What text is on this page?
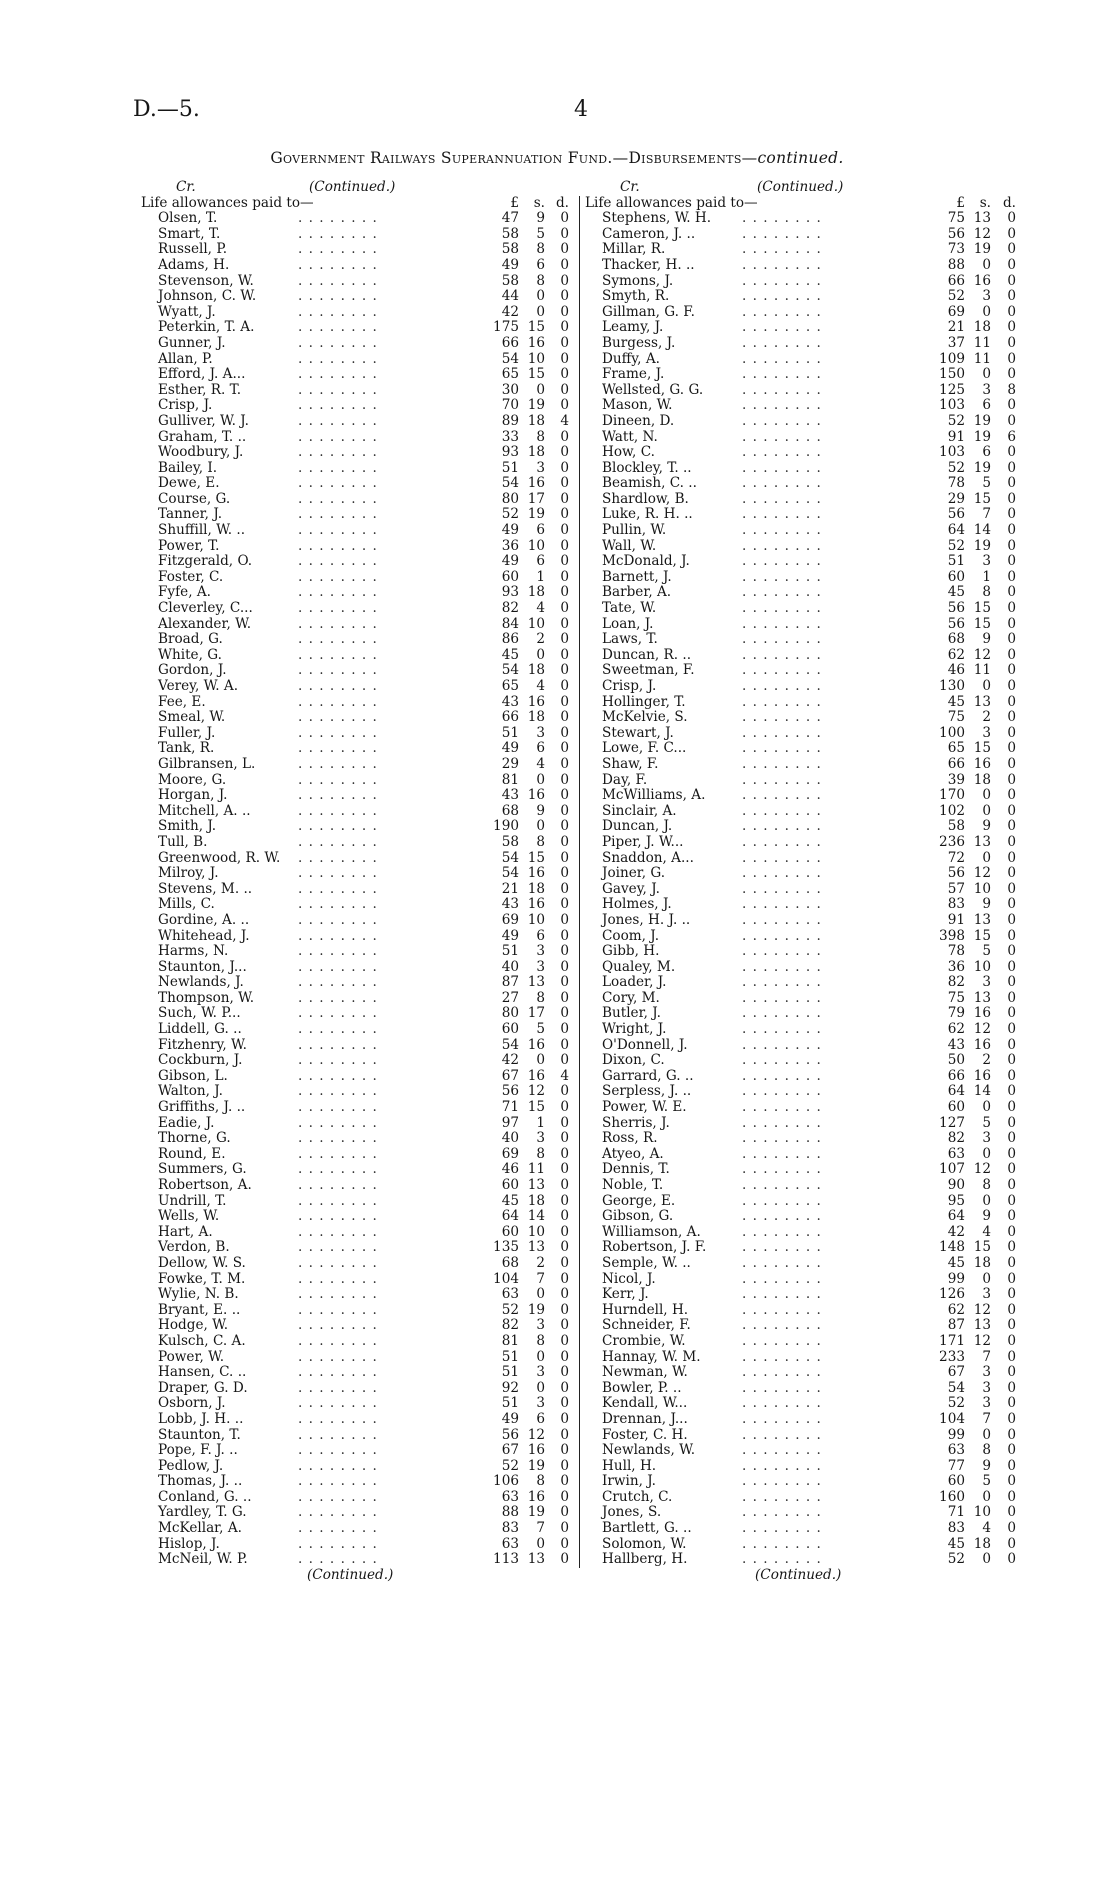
D.—5.	4
Government Railways Superannuation Fund.—Disbursements—continued.
Cr.	(Continued.)
Life allowances paid to—	£	s. d.
Olsen, T.	. . . . . . . .	47	9	0
Smart, T.	. . . . . . . .	58	5	0
Russell, P.	. . . . . . . .	58	8	0
Adams, H.	. . . . . . . .	49	6	0
Stevenson, W.	. . . . . . . .	58	8	0
Johnson, C. W.	. . . . . . . .	44	0	0
Wyatt, J.	. . . . . . . .	42	0	0
Peterkin, T. A.	. . . . . . . .	175 15	0
Gunner, J.	. . . . . . . .	66 16	0
Allan, P.	. . . . . . . .	54 10	0
Efford, J. A...	. . . . . . . .	65 15	0
Esther, R. T.	. . . . . . . .	30	0	0
Crisp, J.	. . . . . . . .	70 19	0
Gulliver, W. J.	. . . . . . . .	89 18	4
Graham, T. ..	. . . . . . . .	33	8	0
Woodbury, J.	. . . . . . . .	93 18	0
Bailey, I.	. . . . . . . .	51	3	0
Dewe, E.	. . . . . . . .	54 16	0
Course, G.	. . . . . . . .	80 17	0
Tanner, J.	. . . . . . . .	52 19	0
Shuffill, W. ..	. . . . . . . .	49	6	0
Power, T.	. . . . . . . .	36 10	0
Fitzgerald, O.	. . . . . . . .	49	6	0
Foster, C.	. . . . . . . .	60	1	0
Fyfe, A.	. . . . . . . .	93 18	0
Cleverley, C...	. . . . . . . .	82	4	0
Alexander, W.	. . . . . . . .	84 10	0
Broad, G.	. . . . . . . .	86	2	0
White, G.	. . . . . . . .	45	0	0
Gordon, J.	. . . . . . . .	54 18	0
Verey, W. A.	. . . . . . . .	65	4	0
Fee, E.	. . . . . . . .	43 16	0
Smeal, W.	. . . . . . . .	66 18	0
Fuller, J.	. . . . . . . .	51	3	0
Tank, R.	. . . . . . . .	49	6	0
Gilbransen, L.	. . . . . . . .	29	4	0
Moore, G.	. . . . . . . .	81	0	0
Horgan, J.	. . . . . . . .	43 16	0
Mitchell, A. ..	. . . . . . . .	68	9	0
Smith, J.	. . . . . . . .	190	0	0
Tull, B.	. . . . . . . .	58	8	0
Greenwood, R. W. . . . . . . . .	54 15	0
Milroy, J.	. . . . . . . .	54 16	0
Stevens, M. ..	. . . . . . . .	21 18	0
Mills, C.	. . . . . . . .	43 16	0
Gordine, A. ..	. . . . . . . .	69 10	0
Whitehead, J.	. . . . . . . .	49	6	0
Harms, N.	. . . . . . . .	51	3	0
Staunton, J...	. . . . . . . .	40	3	0
Newlands, J.	. . . . . . . .	87 13	0
Thompson, W.	. . . . . . . .	27	8	0
Such, W. P...	. . . . . . . .	80 17	0
Liddell, G. ..	. . . . . . . .	60	5	0
Fitzhenry, W.	. . . . . . . .	54 16	0
Cockburn, J.	. . . . . . . .	42	0	0
Gibson, L.	. . . . . . . .	67 16	4
Walton, J.	. . . . . . . .	56 12	0
Griffiths, J. ..	. . . . . . . .	71 15	0
Eadie, J.	. . . . . . . .	97	1	0
Thorne, G.	. . . . . . . .	40	3	0
Round, E.	. . . . . . . .	69	8	0
Summers, G.	. . . . . . . .	46 11	0
Robertson, A.	. . . . . . . .	60 13	0
Undrill, T.	. . . . . . . .	45 18	0
Wells, W.	. . . . . . . .	64 14	0
Hart, A.	. . . . . . . .	60 10	0
Verdon, B.	. . . . . . . .	135 13	0
Dellow, W. S.	. . . . . . . .	68	2	0
Fowke, T. M.	. . . . . . . .	104	7	0
Wylie, N. B.	. . . . . . . .	63	0	0
Bryant, E. ..	. . . . . . . .	52 19	0
Hodge, W.	. . . . . . . .	82	3	0
Kulsch, C. A.	. . . . . . . .	81	8	0
Power, W.	. . . . . . . .	51	0	0
Hansen, C. ..	. . . . . . . .	51	3	0
Draper, G. D.	. . . . . . . .	92	0	0
Osborn, J.	. . . . . . . .	51	3	0
Lobb, J. H. ..	. . . . . . . .	49	6	0
Staunton, T.	. . . . . . . .	56 12	0
Pope, F. J. ..	. . . . . . . .	67 16	0
Pedlow, J.	. . . . . . . .	52 19	0
Thomas, J. ..	. . . . . . . .	106	8	0
Conland, G. ..	. . . . . . . .	63 16	0
Yardley, T. G.	. . . . . . . .	88 19	0
McKellar, A.	. . . . . . . .	83	7	0
Hislop, J.	. . . . . . . .	63	0	0
McNeil, W. P.	. . . . . . . .	113 13	0
(Continued.)
Cr.	(Continued.)
Life allowances paid to—	£	s. d.
Stephens, W. H. . . . . . . . .	75 13	0
Cameron, J. ..	. . . . . . . .	56 12	0
Millar, R.	. . . . . . . .	73 19	0
Thacker, H. ..	. . . . . . . .	88	0	0
Symons, J.	. . . . . . . .	66 16	0
Smyth, R.	. . . . . . . .	52	3	0
Gillman, G. F.	. . . . . . . .	69	0	0
Leamy, J.	. . . . . . . .	21 18	0
Burgess, J.	. . . . . . . .	37 11	0
Duffy, A.	. . . . . . . .	109 11	0
Frame, J.	. . . . . . . .	150	0	0
Wellsted, G. G.	. . . . . . . .	125	3	8
Mason, W.	. . . . . . . .	103	6	0
Dineen, D.	. . . . . . . .	52 19	0
Watt, N.	. . . . . . . .	91 19	6
How, C.	. . . . . . . .	103	6	0
Blockley, T. ..	. . . . . . . .	52 19	0
Beamish, C. ..	. . . . . . . .	78	5	0
Shardlow, B.	. . . . . . . .	29 15	0
Luke, R. H. ..	. . . . . . . .	56	7	0
Pullin, W.	. . . . . . . .	64 14	0
Wall, W.	. . . . . . . .	52 19	0
McDonald, J.	. . . . . . . .	51	3	0
Barnett, J.	. . . . . . . .	60	1	0
Barber, A.	. . . . . . . .	45	8	0
Tate, W.	. . . . . . . .	56 15	0
Loan, J.	. . . . . . . .	56 15	0
Laws, T.	. . . . . . . .	68	9	0
Duncan, R. ..	. . . . . . . .	62 12	0
Sweetman, F.	. . . . . . . .	46 11	0
Crisp, J.	. . . . . . . .	130	0	0
Hollinger, T.	. . . . . . . .	45 13	0
McKelvie, S.	. . . . . . . .	75	2	0
Stewart, J.	. . . . . . . .	100	3	0
Lowe, F. C...	. . . . . . . .	65 15	0
Shaw, F.	. . . . . . . .	66 16	0
Day, F.	. . . . . . . .	39 18	0
McWilliams, A.	. . . . . . . .	170	0	0
Sinclair, A.	. . . . . . . .	102	0	0
Duncan, J.	. . . . . . . .	58	9	0
Piper, J. W...	. . . . . . . .	236 13	0
Snaddon, A...	. . . . . . . .	72	0	0
Joiner, G.	. . . . . . . .	56 12	0
Gavey, J.	. . . . . . . .	57 10	0
Holmes, J.	. . . . . . . .	83	9	0
Jones, H. J. ..	. . . . . . . .	91 13	0
Coom, J.	. . . . . . . .	398 15	0
Gibb, H.	. . . . . . . .	78	5	0
Qualey, M.	. . . . . . . .	36 10	0
Loader, J.	. . . . . . . .	82	3	0
Cory, M.	. . . . . . . .	75 13	0
Butler, J.	. . . . . . . .	79 16	0
Wright, J.	. . . . . . . .	62 12	0
O'Donnell, J.	. . . . . . . .	43 16	0
Dixon, C.	. . . . . . . .	50	2	0
Garrard, G. ..	. . . . . . . .	66 16	0
Serpless, J. ..	. . . . . . . .	64 14	0
Power, W. E.	. . . . . . . .	60	0	0
Sherris, J.	. . . . . . . .	127	5	0
Ross, R.	. . . . . . . .	82	3	0
Atyeo, A.	. . . . . . . .	63	0	0
Dennis, T.	. . . . . . . .	107 12	0
Noble, T.	. . . . . . . .	90	8	0
George, E.	. . . . . . . .	95	0	0
Gibson, G.	. . . . . . . .	64	9	0
Williamson, A.	. . . . . . . .	42	4	0
Robertson, J. F.	. . . . . . . .	148 15	0
Semple, W. ..	. . . . . . . .	45 18	0
Nicol, J.	. . . . . . . .	99	0	0
Kerr, J.	. . . . . . . .	126	3	0
Hurndell, H.	. . . . . . . .	62 12	0
Schneider, F.	. . . . . . . .	87 13	0
Crombie, W.	. . . . . . . .	171 12	0
Hannay, W. M.	. . . . . . . .	233	7	0
Newman, W.	. . . . . . . .	67	3	0
Bowler, P. ..	. . . . . . . .	54	3	0
Kendall, W...	. . . . . . . .	52	3	0
Drennan, J...	. . . . . . . .	104	7	0
Foster, C. H.	. . . . . . . .	99	0	0
Newlands, W.	. . . . . . . .	63	8	0
Hull, H.	. . . . . . . .	77	9	0
Irwin, J.	. . . . . . . .	60	5	0
Crutch, C.	. . . . . . . .	160	0	0
Jones, S.	. . . . . . . .	71 10	0
Bartlett, G. ..	. . . . . . . .	83	4	0
Solomon, W.	. . . . . . . .	45 18	0
Hallberg, H.	. . . . . . . .	52	0	0
(Continued.)
